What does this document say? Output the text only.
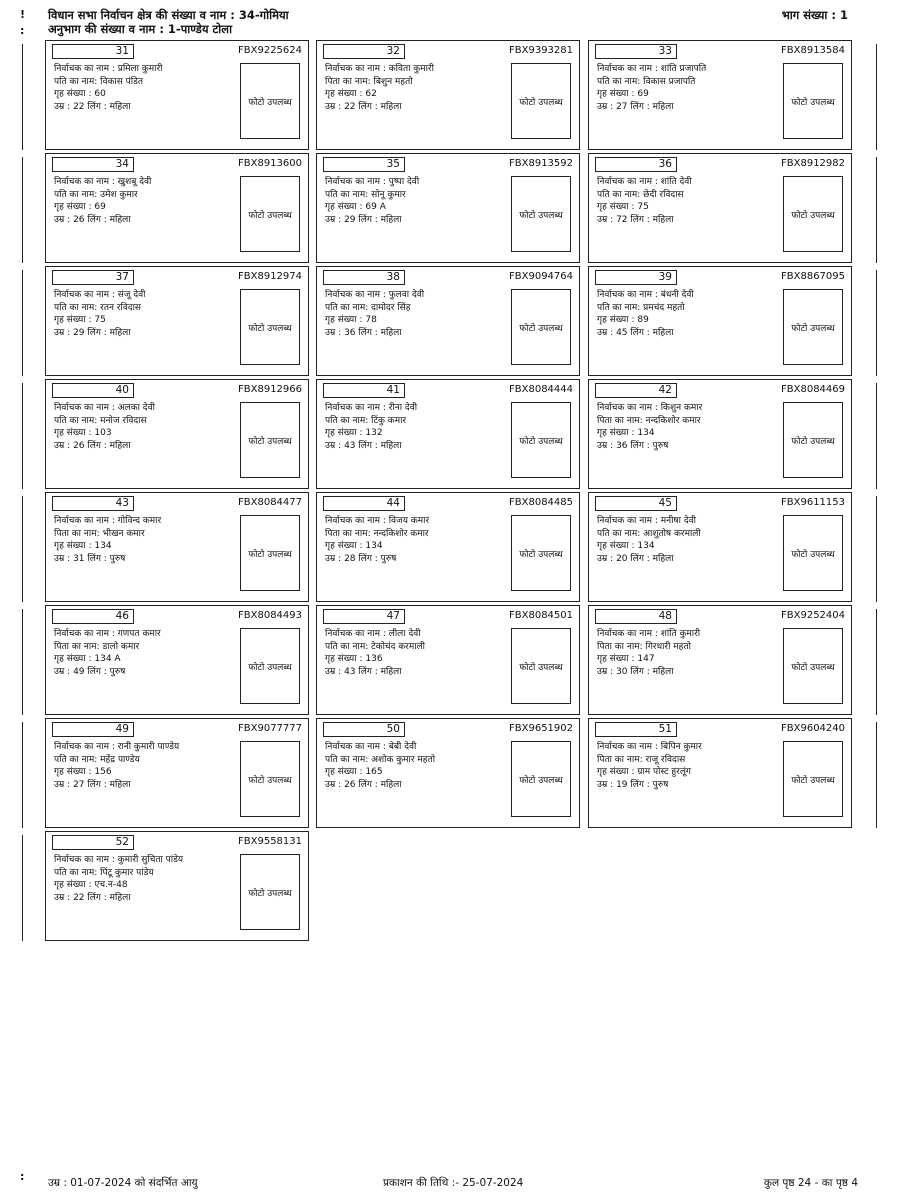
!
:
:
विधान सभा निर्वाचन क्षेत्र की संख्या व नाम : 34-गोमिया
अनुभाग की संख्या व नाम : 1-पाण्डेय टोला
भाग संख्या : 1
31	FBX9225624
निर्वाचक का नाम : प्रमिला कुमारी
पति का नाम: विकास पंडित
गृह संख्या : 60
उम्र : 22 लिंग : महिला	फोटो उपलब्ध
32	FBX9393281
निर्वाचक का नाम : कविता कुमारी
पिता का नाम: बिशुन महतो
गृह संख्या : 62
उम्र : 22 लिंग : महिला	फोटो उपलब्ध
33	FBX8913584
निर्वाचक का नाम : शांति प्रजापति
पति का नाम: विकास प्रजापति
गृह संख्या : 69
उम्र : 27 लिंग : महिला	फोटो उपलब्ध
34	FBX8913600
निर्वाचक का नाम : खुशबू देवी
पति का नाम: उमेश कुमार
गृह संख्या : 69
उम्र : 26 लिंग : महिला	फोटो उपलब्ध
35	FBX8913592
निर्वाचक का नाम : पुष्पा देवी
पति का नाम: सोनू कुमार
गृह संख्या : 69 A
उम्र : 29 लिंग : महिला	फोटो उपलब्ध
36	FBX8912982
निर्वाचक का नाम : शांति देवी
पति का नाम: छेदी रविदास
गृह संख्या : 75
उम्र : 72 लिंग : महिला	फोटो उपलब्ध
37	FBX8912974
निर्वाचक का नाम : संजू देवी
पति का नाम: रतन रविदास
गृह संख्या : 75
उम्र : 29 लिंग : महिला	फोटो उपलब्ध
38	FBX9094764
निर्वाचक का नाम : फुलवा देवी
पति का नाम: दामोदर सिंह
गृह संख्या : 78
उम्र : 36 लिंग : महिला	फोटो उपलब्ध
39	FBX8867095
निर्वाचक का नाम : बंधनी देवी
पति का नाम: प्रमचंद महतो
गृह संख्या : 89
उम्र : 45 लिंग : महिला	फोटो उपलब्ध
40	FBX8912966
निर्वाचक का नाम : अलका देवी
पति का नाम: मनोज रविदास
गृह संख्या : 103
उम्र : 26 लिंग : महिला	फोटो उपलब्ध
41	FBX8084444
निर्वाचक का नाम : रीना देवी
पति का नाम: टिंकु कमार
गृह संख्या : 132
उम्र : 43 लिंग : महिला	फोटो उपलब्ध
42	FBX8084469
निर्वाचक का नाम : किशुन कमार
पिता का नाम: नन्दकिशोर कमार
गृह संख्या : 134
उम्र : 36 लिंग : पुरुष	फोटो उपलब्ध
43	FBX8084477
निर्वाचक का नाम : गोविन्द कमार
पिता का नाम: भीखन कमार
गृह संख्या : 134
उम्र : 31 लिंग : पुरुष	फोटो उपलब्ध
44	FBX8084485
निर्वाचक का नाम : विजय कमार
पिता का नाम: नन्दकिशोर कमार
गृह संख्या : 134
उम्र : 28 लिंग : पुरुष	फोटो उपलब्ध
45	FBX9611153
निर्वाचक का नाम : मनीषा देवी
पति का नाम: आशुतोष करमाली
गृह संख्या : 134
उम्र : 20 लिंग : महिला	फोटो उपलब्ध
46	FBX8084493
निर्वाचक का नाम : गणपत कमार
पिता का नाम: डालो कमार
गृह संख्या : 134 A
उम्र : 49 लिंग : पुरुष	फोटो उपलब्ध
47	FBX8084501
निर्वाचक का नाम : लीला देवी
पति का नाम: टेकोचंद करमाली
गृह संख्या : 136
उम्र : 43 लिंग : महिला	फोटो उपलब्ध
48	FBX9252404
निर्वाचक का नाम : शांति कुमारी
पिता का नाम: गिरधारी महतो
गृह संख्या : 147
उम्र : 30 लिंग : महिला	फोटो उपलब्ध
49	FBX9077777
निर्वाचक का नाम : रानी कुमारी पाण्डेय
पति का नाम: महेंद्र पाण्डेय
गृह संख्या : 156
उम्र : 27 लिंग : महिला	फोटो उपलब्ध
50	FBX9651902
निर्वाचक का नाम : बेबी देवी
पति का नाम: अशोक कुमार महतो
गृह संख्या : 165
उम्र : 26 लिंग : महिला	फोटो उपलब्ध
51	FBX9604240
निर्वाचक का नाम : बिपिन कुमार
पिता का नाम: राजू रविदास
गृह संख्या : ग्राम पोस्ट हुरलूंग
उम्र : 19 लिंग : पुरुष	फोटो उपलब्ध
52	FBX9558131
निर्वाचक का नाम : कुमारी सुचिता पांडेय
पति का नाम: पिंटू कुमार पांडेय
गृह संख्या : एच.न-48
उम्र : 22 लिंग : महिला	फोटो उपलब्ध
उम्र : 01-07-2024 को संदर्भित आयु	प्रकाशन की तिथि :- 25-07-2024	कुल पृष्ठ 24 - का पृष्ठ 4
